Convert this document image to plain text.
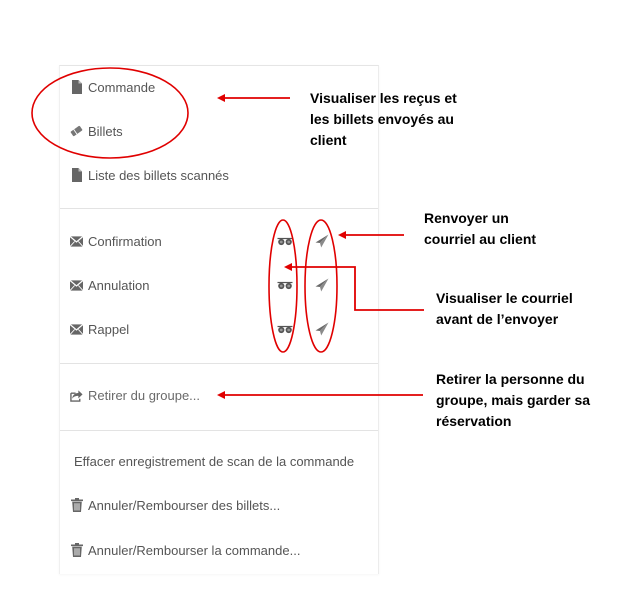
Commande
Billets
Liste des billets scannés
Confirmation
Annulation
Rappel
Retirer du groupe...
Effacer enregistrement de scan de la commande
Annuler/Rembourser des billets...
Annuler/Rembourser la commande...
Visualiser les reçus et
les billets envoyés au
client
Renvoyer un
courriel au client
Visualiser le courriel
avant de l’envoyer
Retirer la personne du
groupe, mais garder sa
réservation
